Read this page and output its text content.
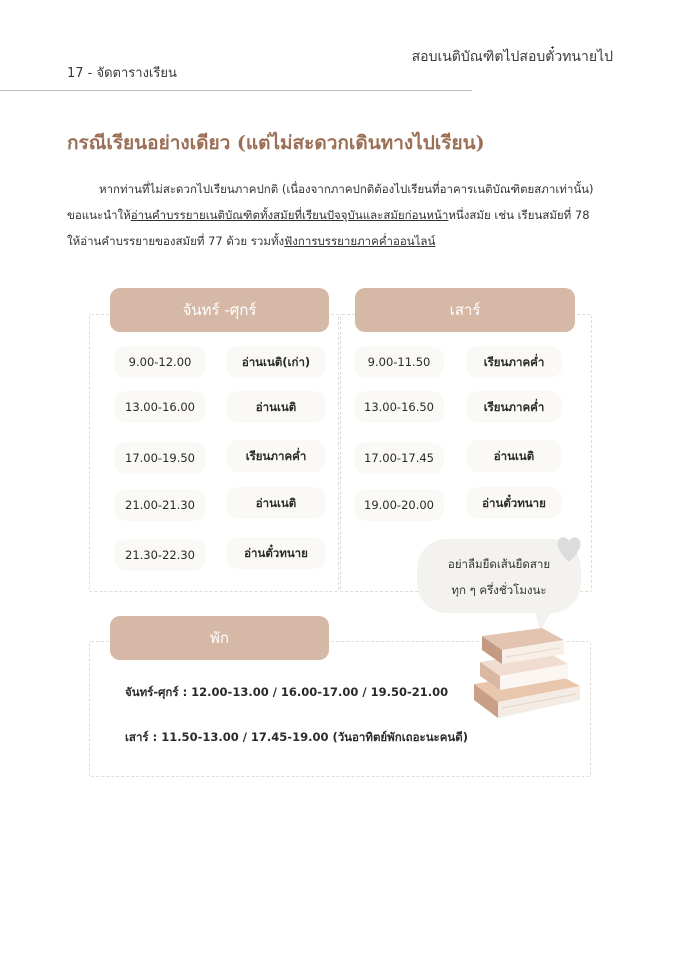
สอบเนติบัณฑิตไปสอบตั๋วทนายไป
17 - จัดตารางเรียน
กรณีเรียนอย่างเดียว (แต่ไม่สะดวกเดินทางไปเรียน)
หากท่านที่ไม่สะดวกไปเรียนภาคปกติ (เนื่องจากภาคปกติต้องไปเรียนที่อาคารเนติบัณฑิตยสภาเท่านั้น)
ขอแนะนำให้อ่านคำบรรยายเนติบัณฑิตทั้งสมัยที่เรียนปัจจุบันและสมัยก่อนหน้าหนึ่งสมัย เช่น เรียนสมัยที่ 78
ให้อ่านคำบรรยายของสมัยที่ 77 ด้วย รวมทั้งฟังการบรรยายภาคค่ำออนไลน์
จันทร์ -ศุกร์	เสาร์
พัก
9.00-12.00	อ่านเนติ(เก่า)
13.00-16.00	อ่านเนติ
17.00-19.50	เรียนภาคค่ำ
21.00-21.30	อ่านเนติ
21.30-22.30	อ่านตั๋วทนาย
9.00-11.50	เรียนภาคค่ำ
13.00-16.50	เรียนภาคค่ำ
17.00-17.45	อ่านเนติ
19.00-20.00	อ่านตั๋วทนาย
อย่าลืมยืดเส้นยืดสาย
ทุก ๆ ครึ่งชั่วโมงนะ
จันทร์-ศุกร์ : 12.00-13.00 / 16.00-17.00 / 19.50-21.00
เสาร์ : 11.50-13.00 / 17.45-19.00 (วันอาทิตย์พักเถอะนะคนดี)
